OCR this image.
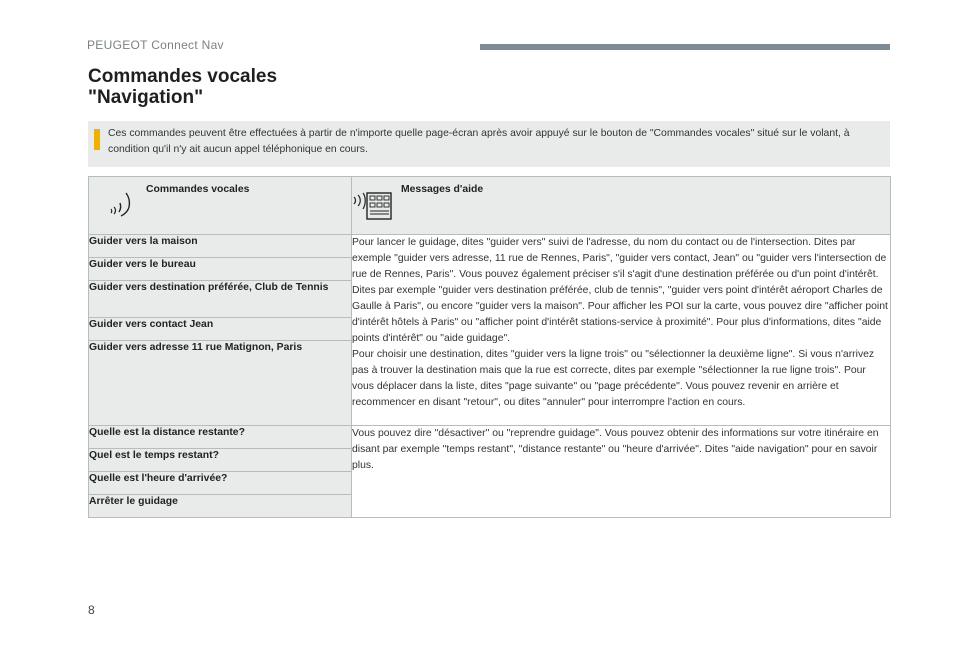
PEUGEOT Connect Nav
Commandes vocales
"Navigation"
Ces commandes peuvent être effectuées à partir de n'importe quelle page-écran après avoir appuyé sur le bouton de "Commandes vocales" situé sur le volant, à condition qu'il n'y ait aucun appel téléphonique en cours.
Commandes vocales	Messages d'aide

Guider vers la maison	Pour lancer le guidage, dites "guider vers" suivi de l'adresse, du nom du contact ou de l'intersection. Dites par exemple "guider vers adresse, 11 rue de Rennes, Paris", "guider vers contact, Jean" ou "guider vers l'intersection de rue de Rennes, Paris". Vous pouvez également préciser s'il s'agit d'une destination préférée ou d'un point d'intérêt. Dites par exemple "guider vers destination préférée, club de tennis", "guider vers point d'intérêt aéroport Charles de Gaulle à Paris", ou encore "guider vers la maison". Pour afficher les POI sur la carte, vous pouvez dire "afficher point d'intérêt hôtels à Paris" ou "afficher point d'intérêt stations-service à proximité". Pour plus d'informations, dites "aide points d'intérêt" ou "aide guidage".
Pour choisir une destination, dites "guider vers la ligne trois" ou "sélectionner la deuxième ligne". Si vous n'arrivez pas à trouver la destination mais que la rue est correcte, dites par exemple "sélectionner la rue ligne trois". Pour vous déplacer dans la liste, dites "page suivante" ou "page précédente". Vous pouvez revenir en arrière et recommencer en disant "retour", ou dites "annuler" pour interrompre l'action en cours.

Guider vers le bureau	
Guider vers destination préférée, Club de Tennis	
Guider vers contact Jean	
Guider vers adresse 11 rue Matignon, Paris	
Quelle est la distance restante?	Vous pouvez dire "désactiver" ou "reprendre guidage". Vous pouvez obtenir des informations sur votre itinéraire en disant par exemple "temps restant", "distance restante" ou "heure d'arrivée". Dites "aide navigation" pour en savoir plus.
Quel est le temps restant?	
Quelle est l'heure d'arrivée?	
Arrêter le guidage	
8
